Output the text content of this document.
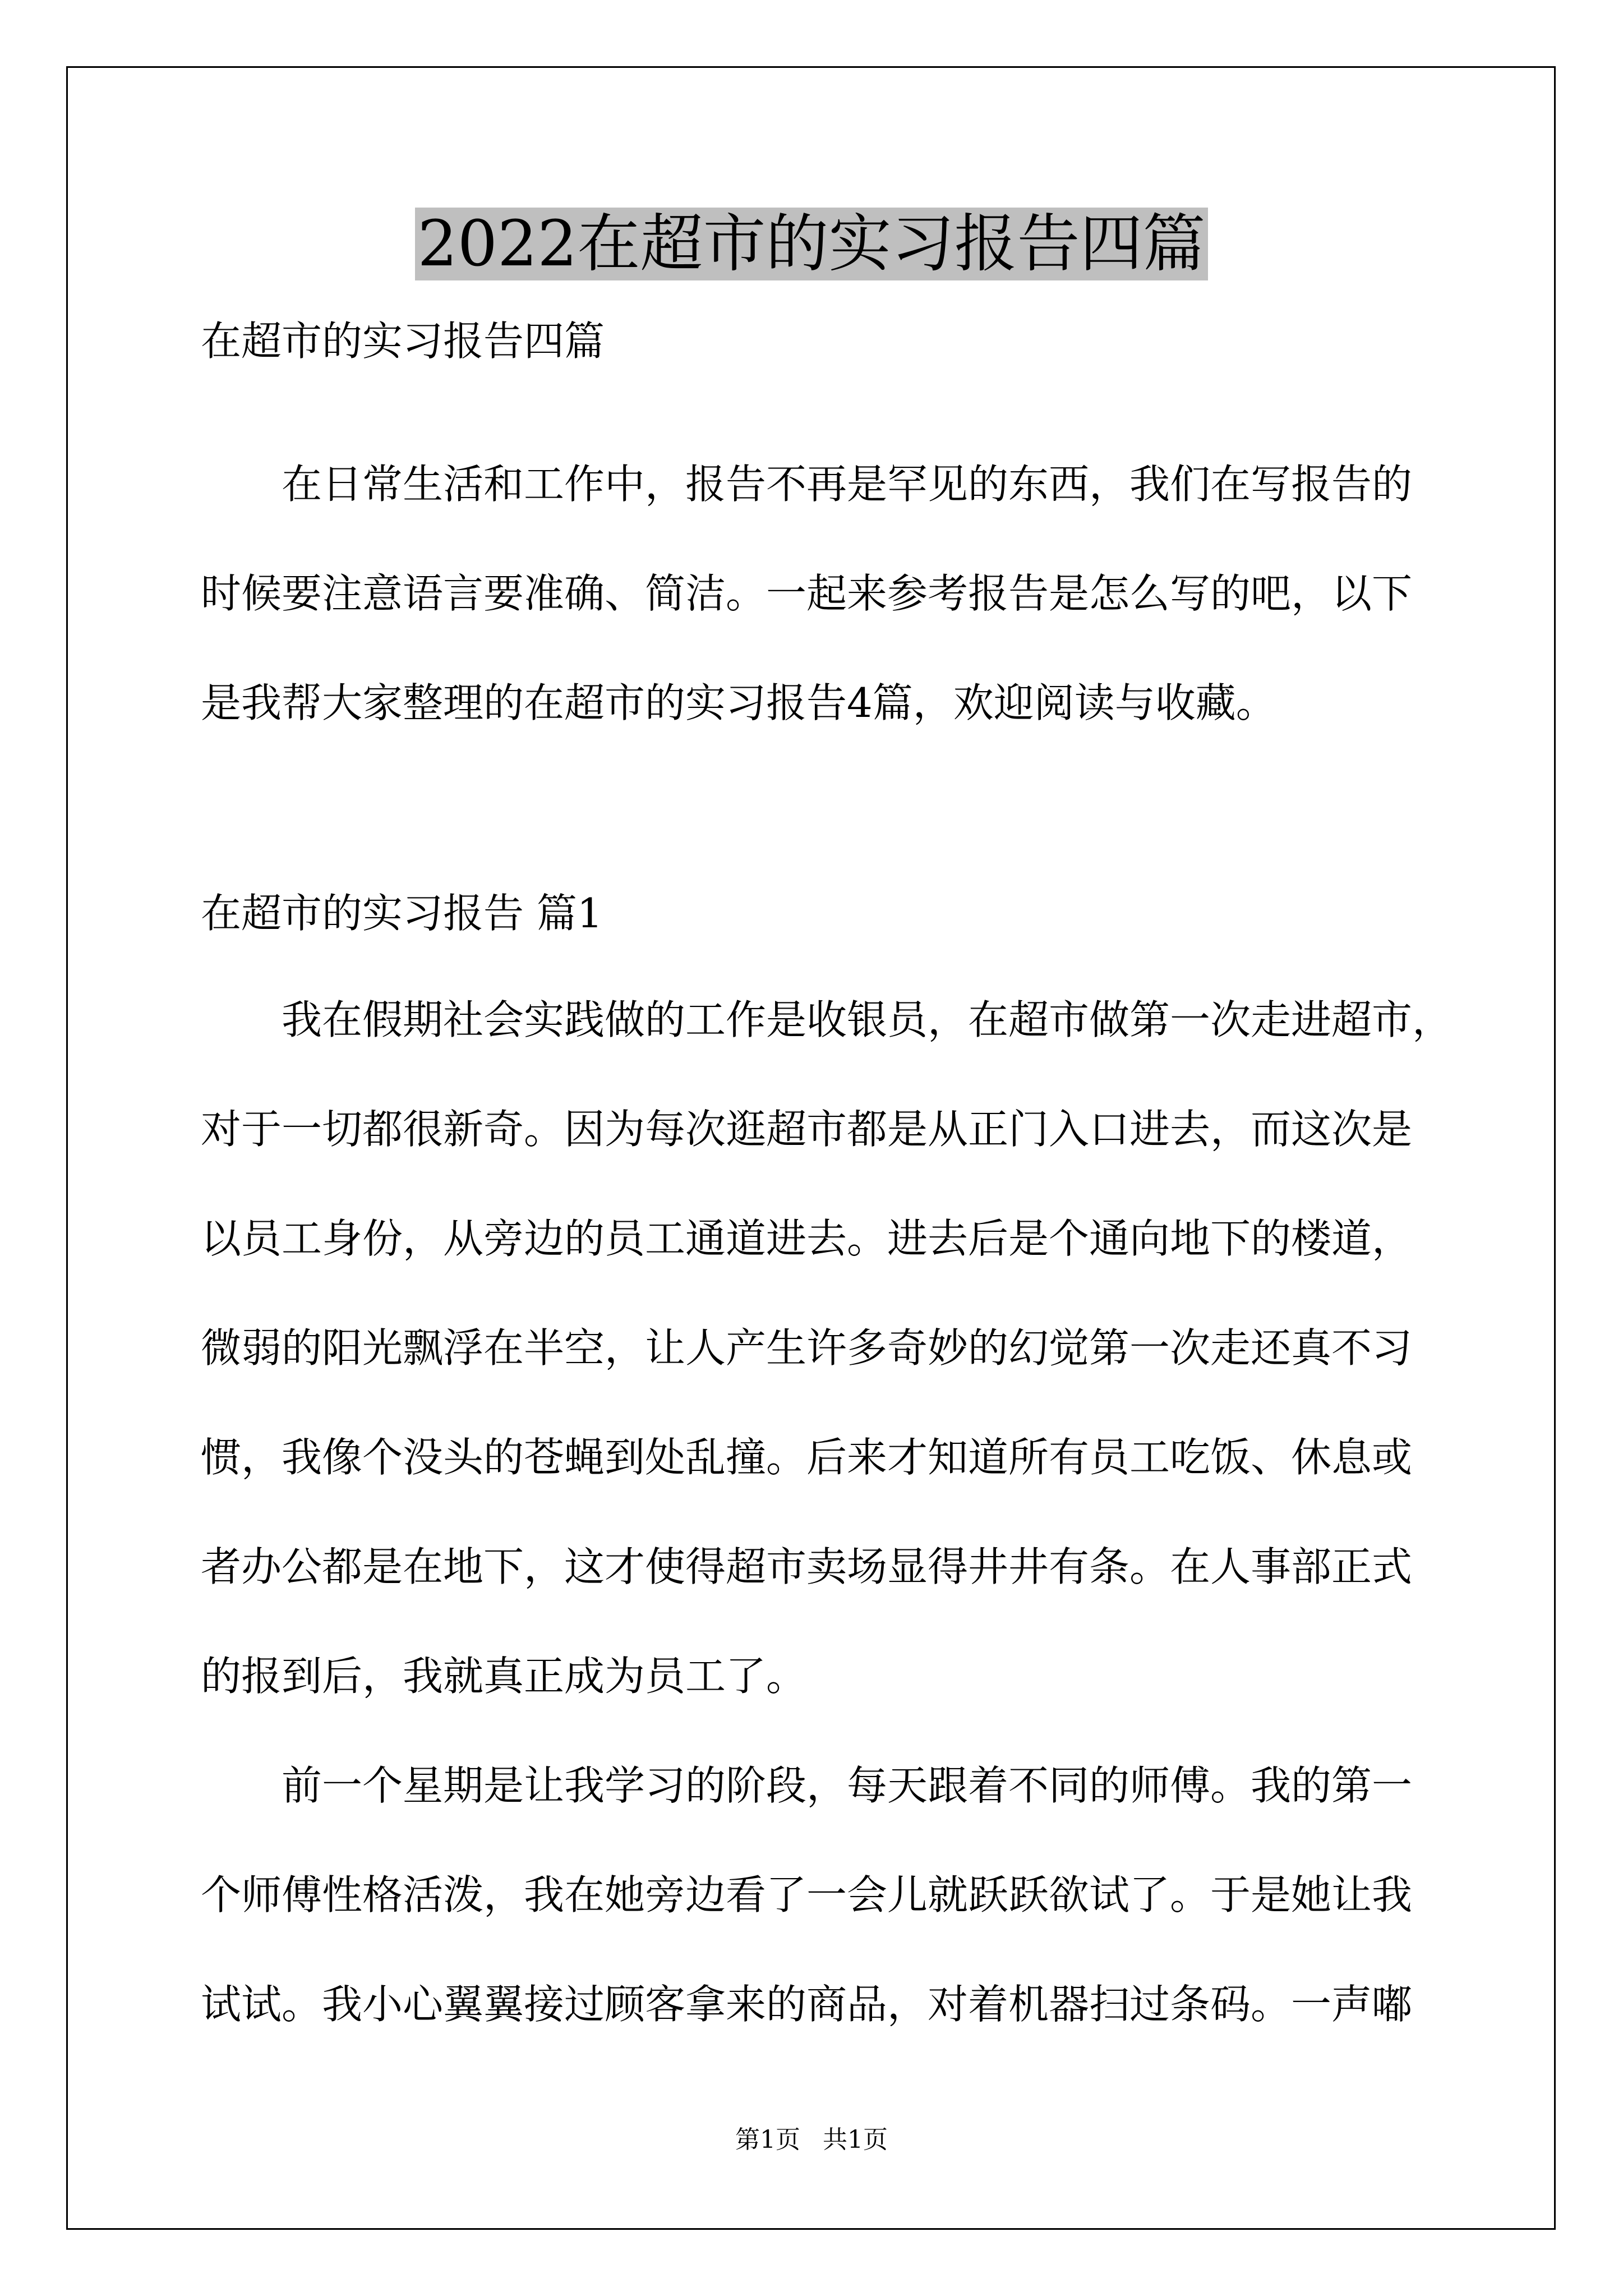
2022在超市的实习报告四篇
在超市的实习报告四篇
在日常生活和工作中，报告不再是罕见的东西，我们在写报告的
时候要注意语言要准确、简洁。一起来参考报告是怎么写的吧，以下
是我帮大家整理的在超市的实习报告4篇，欢迎阅读与收藏。
在超市的实习报告 篇1
我在假期社会实践做的工作是收银员，在超市做第一次走进超市，
对于一切都很新奇。因为每次逛超市都是从正门入口进去，而这次是
以员工身份，从旁边的员工通道进去。进去后是个通向地下的楼道，
微弱的阳光飘浮在半空，让人产生许多奇妙的幻觉第一次走还真不习
惯，我像个没头的苍蝇到处乱撞。后来才知道所有员工吃饭、休息或
者办公都是在地下，这才使得超市卖场显得井井有条。在人事部正式
的报到后，我就真正成为员工了。
前一个星期是让我学习的阶段，每天跟着不同的师傅。我的第一
个师傅性格活泼，我在她旁边看了一会儿就跃跃欲试了。于是她让我
试试。我小心翼翼接过顾客拿来的商品，对着机器扫过条码。一声嘟
第1页 共1页
